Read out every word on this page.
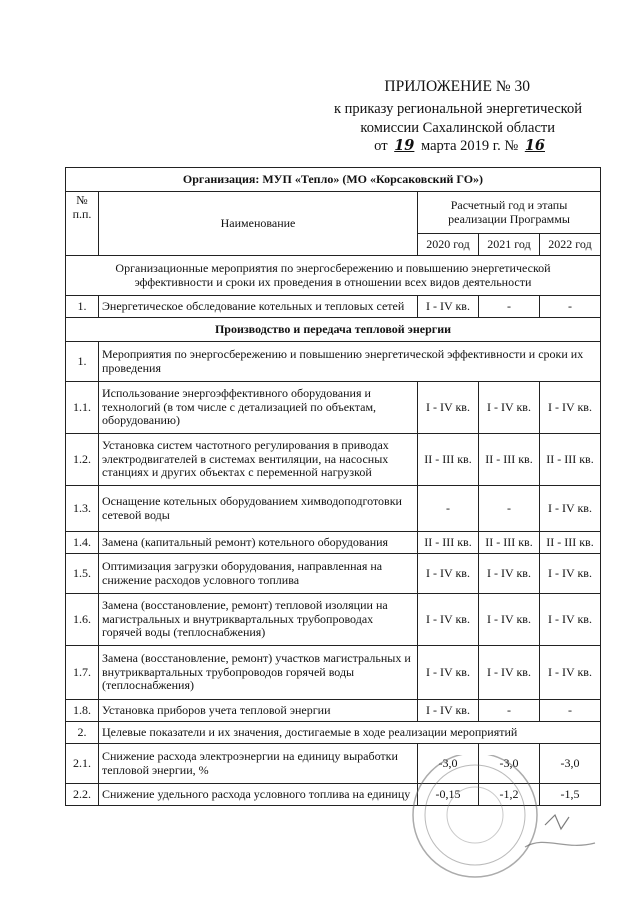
ПРИЛОЖЕНИЕ № 30
к приказу региональной энергетической
комиссии Сахалинской области
от 19 марта 2019 г. № 16
Организация: МУП «Тепло» (МО «Корсаковский ГО»)				
№ п.п.	Наименование	Расчетный год и этапы реализации Программы		
		2020 год	2021 год	2022 год
Организационные мероприятия по энергосбережению и повышению энергетической эффективности и сроки их проведения в отношении всех видов деятельности				
1.	Энергетическое обследование котельных и тепловых сетей	I - IV кв.	-	-
Производство и передача тепловой энергии				
1.	Мероприятия по энергосбережению и повышению энергетической эффективности и сроки их проведения			
1.1.	Использование энергоэффективного оборудования и технологий (в том числе с детализацией по объектам, оборудованию)	I - IV кв.	I - IV кв.	I - IV кв.
1.2.	Установка систем частотного регулирования в приводах электродвигателей в системах вентиляции, на насосных станциях и других объектах с переменной нагрузкой	II - III кв.	II - III кв.	II - III кв.
1.3.	Оснащение котельных оборудованием химводоподготовки сетевой воды	-	-	I - IV кв.
1.4.	Замена (капитальный ремонт) котельного оборудования	II - III кв.	II - III кв.	II - III кв.
1.5.	Оптимизация загрузки оборудования, направленная на снижение расходов условного топлива	I - IV кв.	I - IV кв.	I - IV кв.
1.6.	Замена (восстановление, ремонт) тепловой изоляции на магистральных и внутриквартальных трубопроводах горячей воды (теплоснабжения)	I - IV кв.	I - IV кв.	I - IV кв.
1.7.	Замена (восстановление, ремонт) участков магистральных и внутриквартальных трубопроводов горячей воды (теплоснабжения)	I - IV кв.	I - IV кв.	I - IV кв.
1.8.	Установка приборов учета тепловой энергии	I - IV кв.	-	-
2.	Целевые показатели и их значения, достигаемые в ходе реализации мероприятий			
2.1.	Снижение расхода электроэнергии на единицу выработки тепловой энергии, %	-3,0	-3,0	-3,0
2.2.	Снижение удельного расхода условного топлива на единицу	-0,15	-1,2	-1,5
